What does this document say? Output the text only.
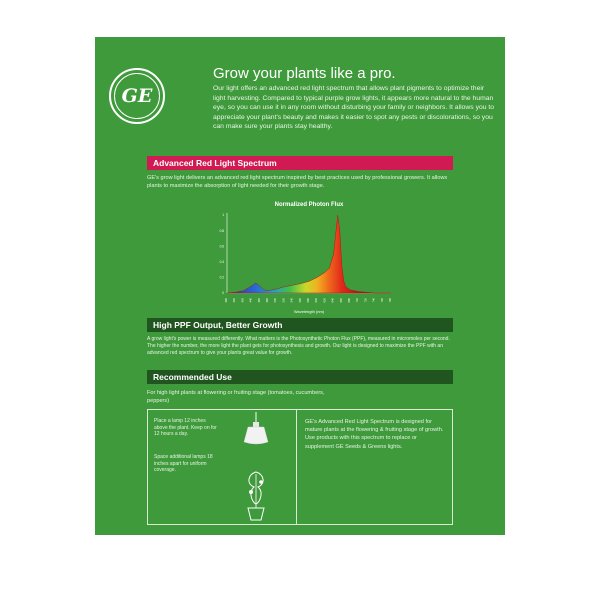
GE
Grow your plants like a pro.
Our light offers an advanced red light spectrum that allows plant pigments to optimize their light harvesting. Compared to typical purple grow lights, it appears more natural to the human eye, so you can use it in any room without disturbing your family or neighbors. It allows you to appreciate your plant's beauty and makes it easier to spot any pests or discolorations, so you can make sure your plants stay healthy.
Advanced Red Light Spectrum
GE's grow light delivers an advanced red light spectrum inspired by best practices used by professional growers. It allows plants to maximize the absorption of light needed for their growth stage.
Normalized Photon Flux
1
0.8
0.6
0.4
0.2
0
380	400	420	440	460	480	500	520	540	560	580	600	620	640	660	680	700	720	740	760	780
Wavelength (nm)
High PPF Output, Better Growth
A grow light's power is measured differently. What matters is the Photosynthetic Photon Flux (PPF), measured in micromoles per second. The higher the number, the more light the plant gets for photosynthesis and growth. Our light is designed to maximize the PPF with an advanced red spectrum to give your plants great value for growth.
Recommended Use
For high light plants at flowering or fruiting stage (tomatoes, cucumbers, peppers)
Place a lamp 12 inches above the plant. Keep on for 12 hours a day.
Space additional lamps 18 inches apart for uniform coverage.
GE's Advanced Red Light Spectrum is designed for mature plants at the flowering & fruiting stage of growth. Use products with this spectrum to replace or supplement GE Seeds & Greens lights.
